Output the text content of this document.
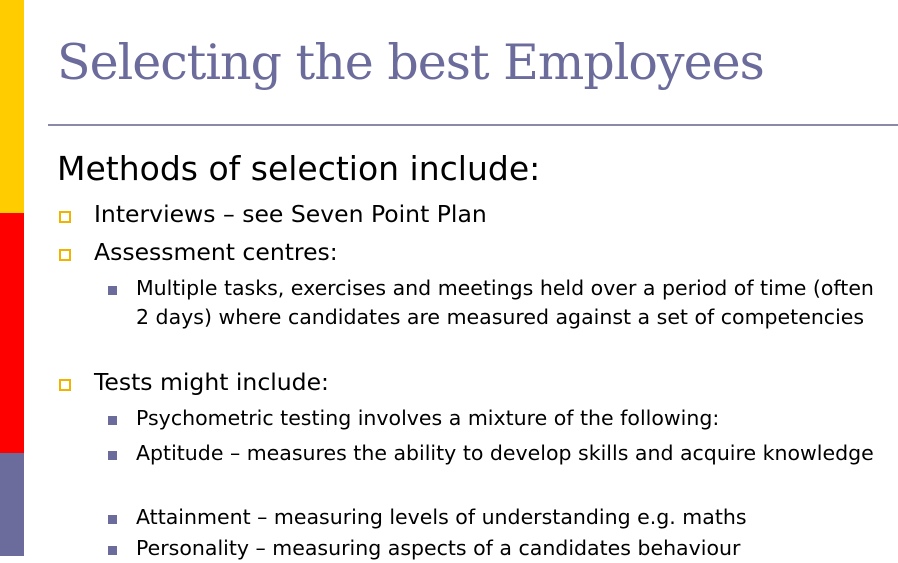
Selecting the best Employees

Methods of selection include:

Interviews – see Seven Point Plan
Assessment centres:
Multiple tasks, exercises and meetings held over a period of time (often 2 days) where candidates are measured against a set of competencies
Tests might include:
Psychometric testing involves a mixture of the following:
Aptitude – measures the ability to develop skills and acquire knowledge
Attainment – measuring levels of understanding e.g. maths
Personality – measuring aspects of a candidates behaviour
